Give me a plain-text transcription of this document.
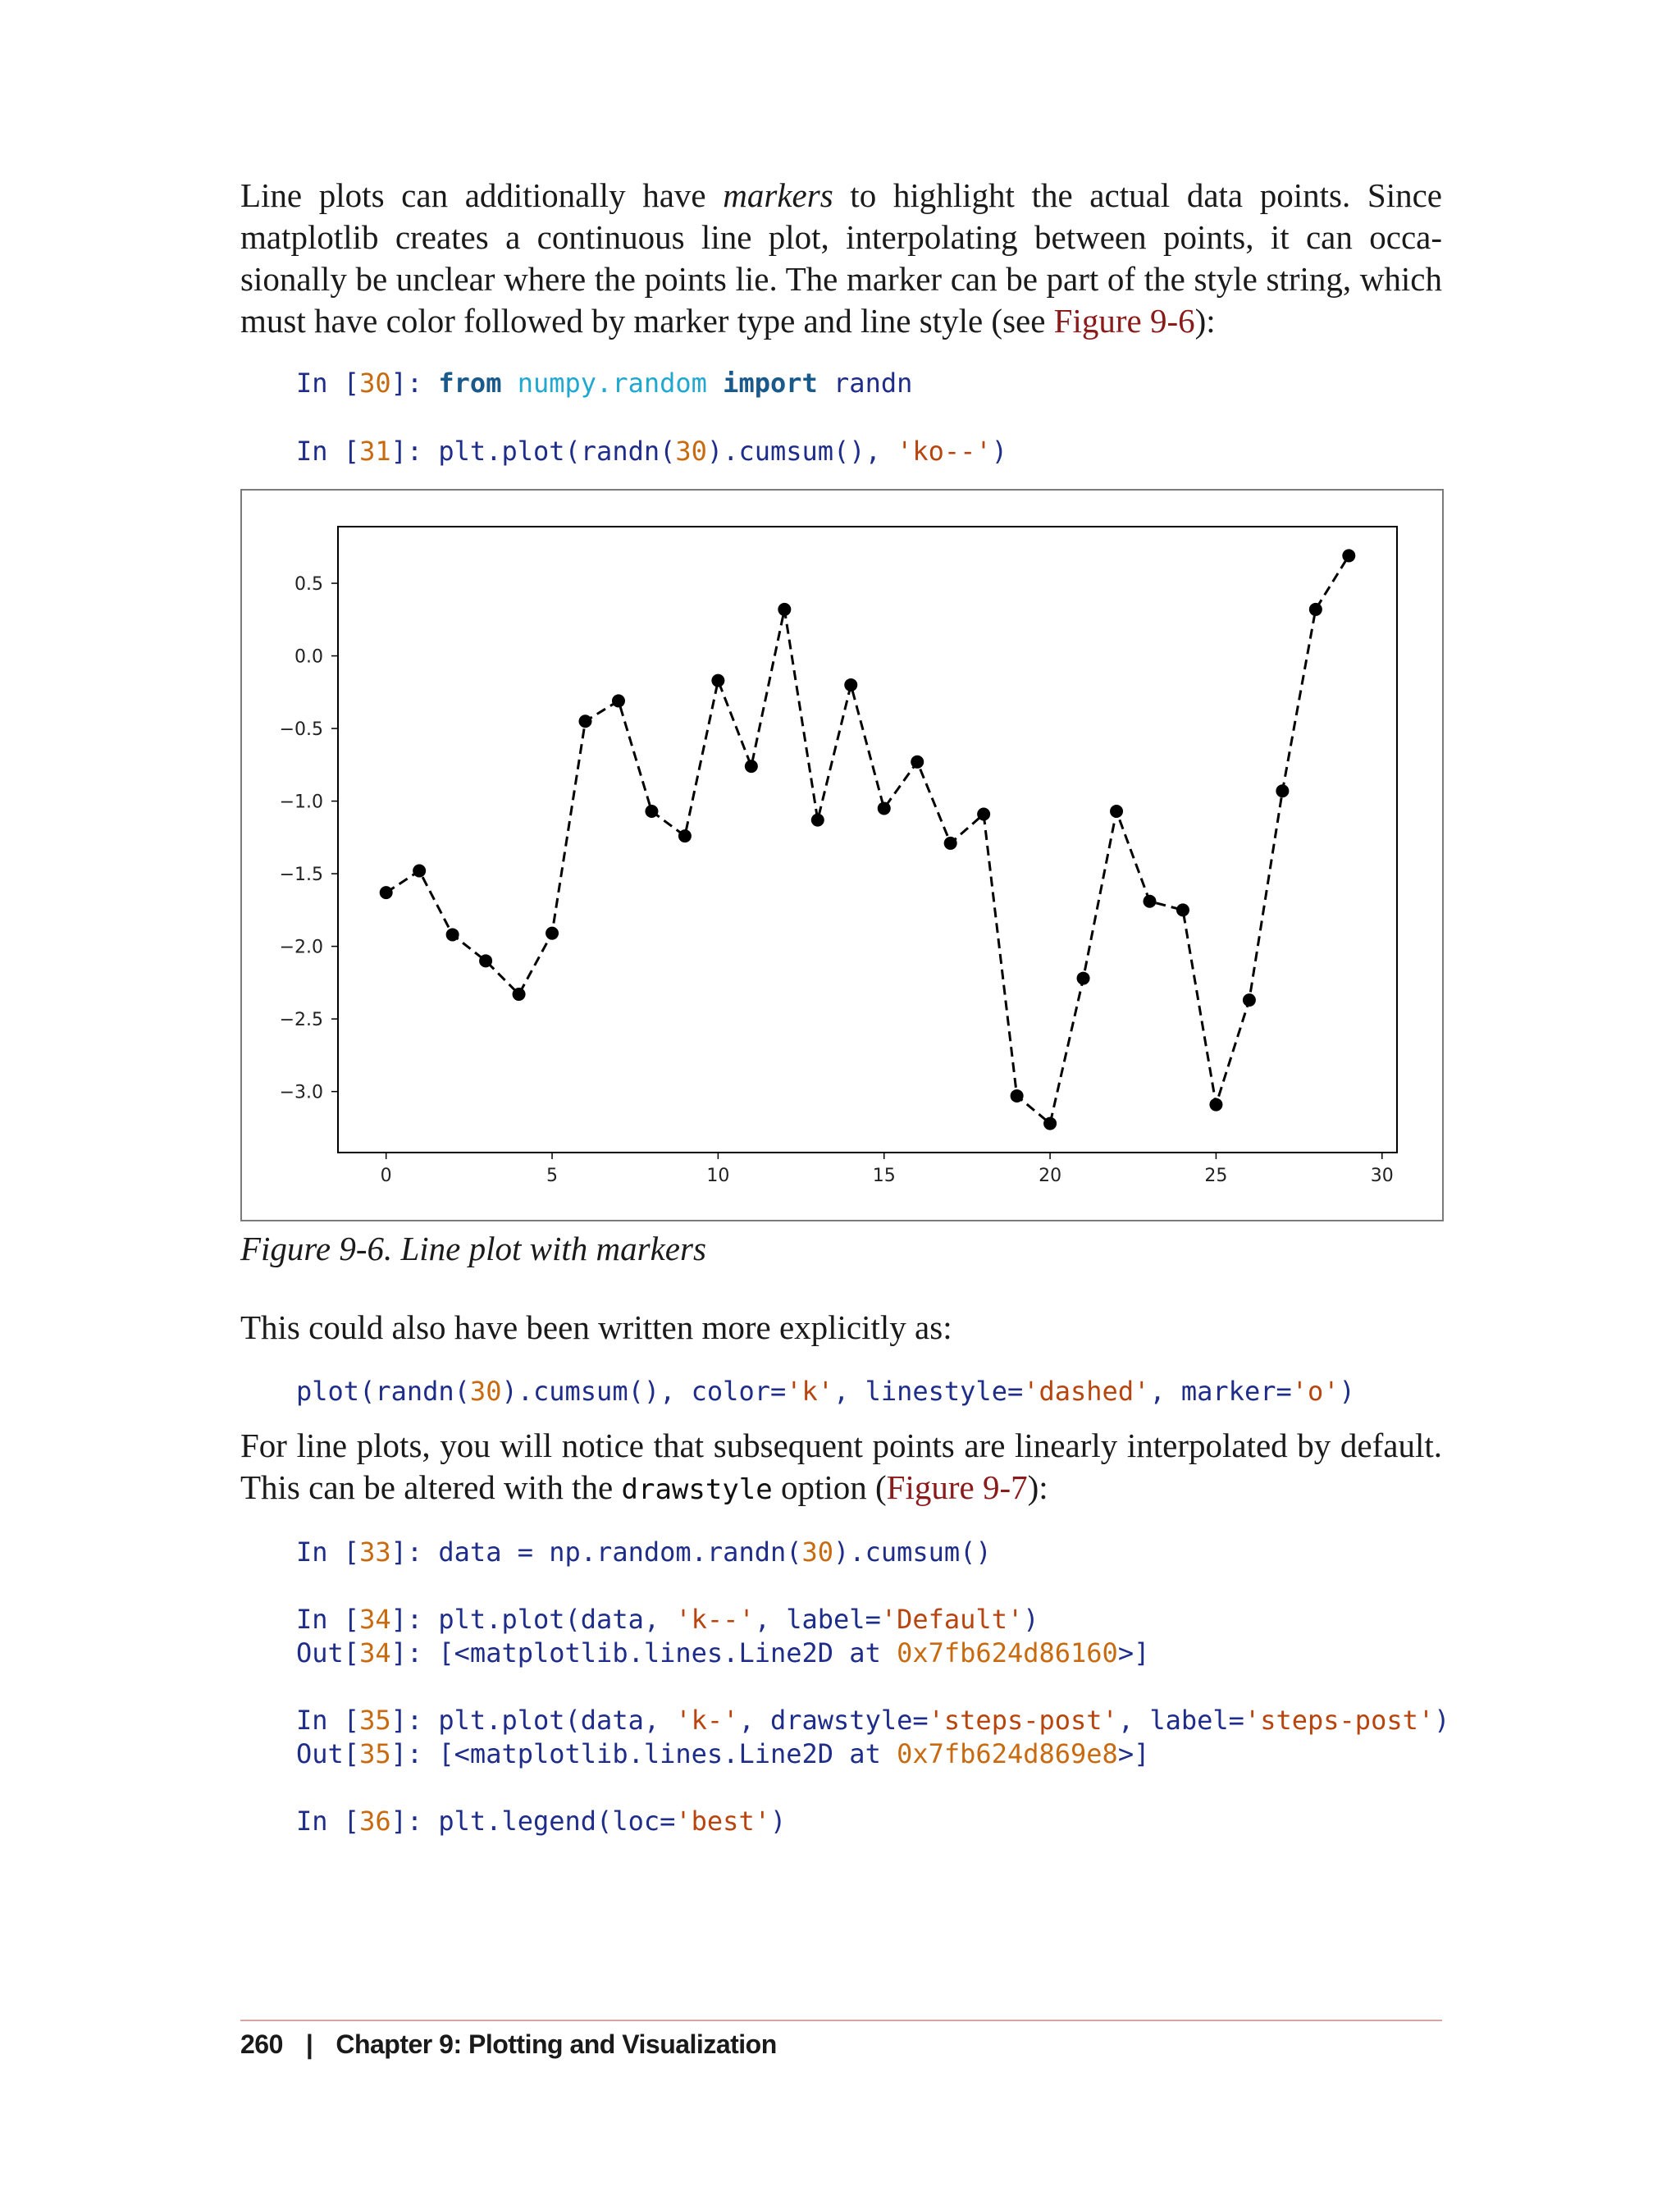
Line plots can additionally have markers to highlight the actual data points. Since matplotlib creates a continuous line plot, interpolating between points, it can occasionally be unclear where the points lie. The marker can be part of the style string, which must have color followed by marker type and line style (see Figure 9-6):

In [30]: from numpy.random import randn
In [31]: plt.plot(randn(30).cumsum(), 'ko--')
0	5	10	15	20	25	30
0.5
0.0
−0.5
−1.0
−1.5
−2.0
−2.5
−3.0

Figure 9-6. Line plot with markers

This could also have been written more explicitly as:

plot(randn(30).cumsum(), color='k', linestyle='dashed', marker='o')

For line plots, you will notice that subsequent points are linearly interpolated by default. This can be altered with the drawstyle option (Figure 9-7):

In [33]: data = np.random.randn(30).cumsum()
In [34]: plt.plot(data, 'k--', label='Default')
Out[34]: [<matplotlib.lines.Line2D at 0x7fb624d86160>]
In [35]: plt.plot(data, 'k-', drawstyle='steps-post', label='steps-post')
Out[35]: [<matplotlib.lines.Line2D at 0x7fb624d869e8>]
In [36]: plt.legend(loc='best')
260 | Chapter 9: Plotting and Visualization
